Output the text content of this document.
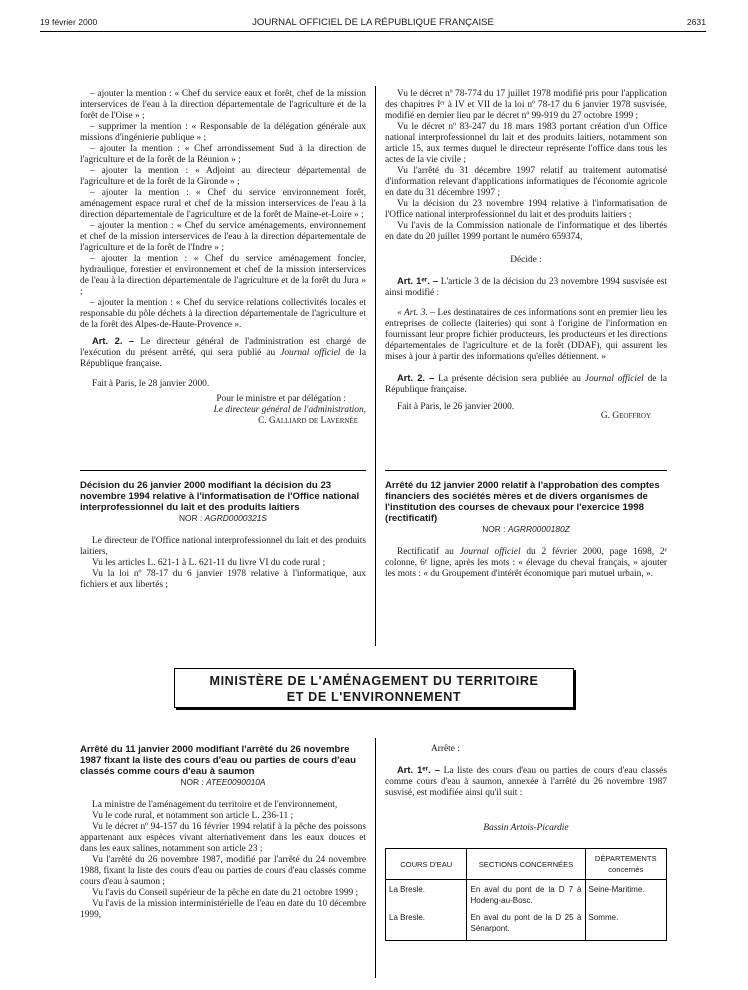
19 février 2000	JOURNAL OFFICIEL DE LA RÉPUBLIQUE FRANÇAISE	2631

– ajouter la mention : « Chef du service eaux et forêt, chef de la mission interservices de l'eau à la direction départementale de l'agriculture et de la forêt de l'Oise » ;

– supprimer la mention : « Responsable de la délégation générale aux missions d'ingénierie publique » ;

– ajouter la mention : « Chef arrondissement Sud à la direction de l'agriculture et de la forêt de la Réunion » ;

– ajouter la mention : « Adjoint au directeur départemental de l'agriculture et de la forêt de la Gironde » ;

– ajouter la mention : « Chef du service environnement forêt, aménagement espace rural et chef de la mission interservices de l'eau à la direction départementale de l'agriculture et de la forêt de Maine-et-Loire » ;

– ajouter la mention : « Chef du service aménagements, environnement et chef de la mission interservices de l'eau à la direction départementale de l'agriculture et de la forêt de l'Indre » ;

– ajouter la mention : « Chef du service aménagement foncier, hydraulique, forestier et environnement et chef de la mission interservices de l'eau à la direction départementale de l'agriculture et de la forêt du Jura » ;

– ajouter la mention : « Chef du service relations collectivités locales et responsable du pôle déchets à la direction départementale de l'agriculture et de la forêt des Alpes-de-Haute-Provence ».

Art. 2. – Le directeur général de l'administration est chargé de l'exécution du présent arrêté, qui sera publié au Journal officiel de la République française.

Fait à Paris, le 28 janvier 2000.

Pour le ministre et par délégation :

Le directeur général de l'administration,

C. Galliard de Lavernée

Décision du 26 janvier 2000 modifiant la décision du 23 novembre 1994 relative à l'informatisation de l'Office national interprofessionnel du lait et des produits laitiers

NOR : AGRD0000321S

Le directeur de l'Office national interprofessionnel du lait et des produits laitiers,

Vu les articles L. 621-1 à L. 621-11 du livre VI du code rural ;

Vu la loi nº 78-17 du 6 janvier 1978 relative à l'informatique, aux fichiers et aux libertés ;

Vu le décret nº 78-774 du 17 juillet 1978 modifié pris pour l'application des chapitres Iᵉʳ à IV et VII de la loi nº 78-17 du 6 janvier 1978 susvisée, modifié en dernier lieu par le décret nº 99-919 du 27 octobre 1999 ;

Vu le décret nº 83-247 du 18 mars 1983 portant création d'un Office national interprofessionnel du lait et des produits laitiers, notamment son article 15, aux termes duquel le directeur représente l'office dans tous les actes de la vie civile ;

Vu l'arrêté du 31 décembre 1997 relatif au traitement automatisé d'information relevant d'applications informatiques de l'économie agricole en date du 31 décembre 1997 ;

Vu la décision du 23 novembre 1994 relative à l'informatisation de l'Office national interprofessionnel du lait et des produits laitiers ;

Vu l'avis de la Commission nationale de l'informatique et des libertés en date du 20 juillet 1999 portant le numéro 659374,

Décide :

Art. 1ᵉʳ. – L'article 3 de la décision du 23 novembre 1994 susvisée est ainsi modifié :

« Art. 3. – Les destinataires de ces informations sont en premier lieu les entreprises de collecte (laiteries) qui sont à l'origine de l'information en fournissant leur propre fichier producteurs, les producteurs et les directions départementales de l'agriculture et de la forêt (DDAF), qui assurent les mises à jour à partir des informations qu'elles détiennent. »

Art. 2. – La présente décision sera publiée au Journal officiel de la République française.

Fait à Paris, le 26 janvier 2000.

G. Geoffroy

Arrêté du 12 janvier 2000 relatif à l'approbation des comptes financiers des sociétés mères et de divers organismes de l'institution des courses de chevaux pour l'exercice 1998 (rectificatif)

NOR : AGRR0000180Z

Rectificatif au Journal officiel du 2 février 2000, page 1698, 2ᵉ colonne, 6ᵉ ligne, après les mots : « élevage du cheval français, » ajouter les mots : « du Groupement d'intérêt économique pari mutuel urbain, ».

MINISTÈRE DE L'AMÉNAGEMENT DU TERRITOIRE
ET DE L'ENVIRONNEMENT

Arrêté du 11 janvier 2000 modifiant l'arrêté du 26 novembre 1987 fixant la liste des cours d'eau ou parties de cours d'eau classés comme cours d'eau à saumon

NOR : ATEE0090010A

La ministre de l'aménagement du territoire et de l'environnement,

Vu le code rural, et notamment son article L. 236-11 ;

Vu le décret nº 94-157 du 16 février 1994 relatif à la pêche des poissons appartenant aux espèces vivant alternativement dans les eaux douces et dans les eaux salines, notamment son article 23 ;

Vu l'arrêté du 26 novembre 1987, modifié par l'arrêté du 24 novembre 1988, fixant la liste des cours d'eau ou parties de cours d'eau classés comme cours d'eau à saumon ;

Vu l'avis du Conseil supérieur de la pêche en date du 21 octobre 1999 ;

Vu l'avis de la mission interministérielle de l'eau en date du 10 décembre 1999,

Arrête :

Art. 1ᵉʳ. – La liste des cours d'eau ou parties de cours d'eau classés comme cours d'eau à saumon, annexée à l'arrêté du 26 novembre 1987 susvisé, est modifiée ainsi qu'il suit :

Bassin Artois-Picardie

COURS D'EAU	SECTIONS CONCERNÉES	DÉPARTEMENTS
concernés
La Bresle.	En aval du pont de la D 7 à Hodeng-au-Bosc.	Seine-Maritime.
La Bresle.	En aval du pont de la D 25 à Sénarpont.	Somme.
